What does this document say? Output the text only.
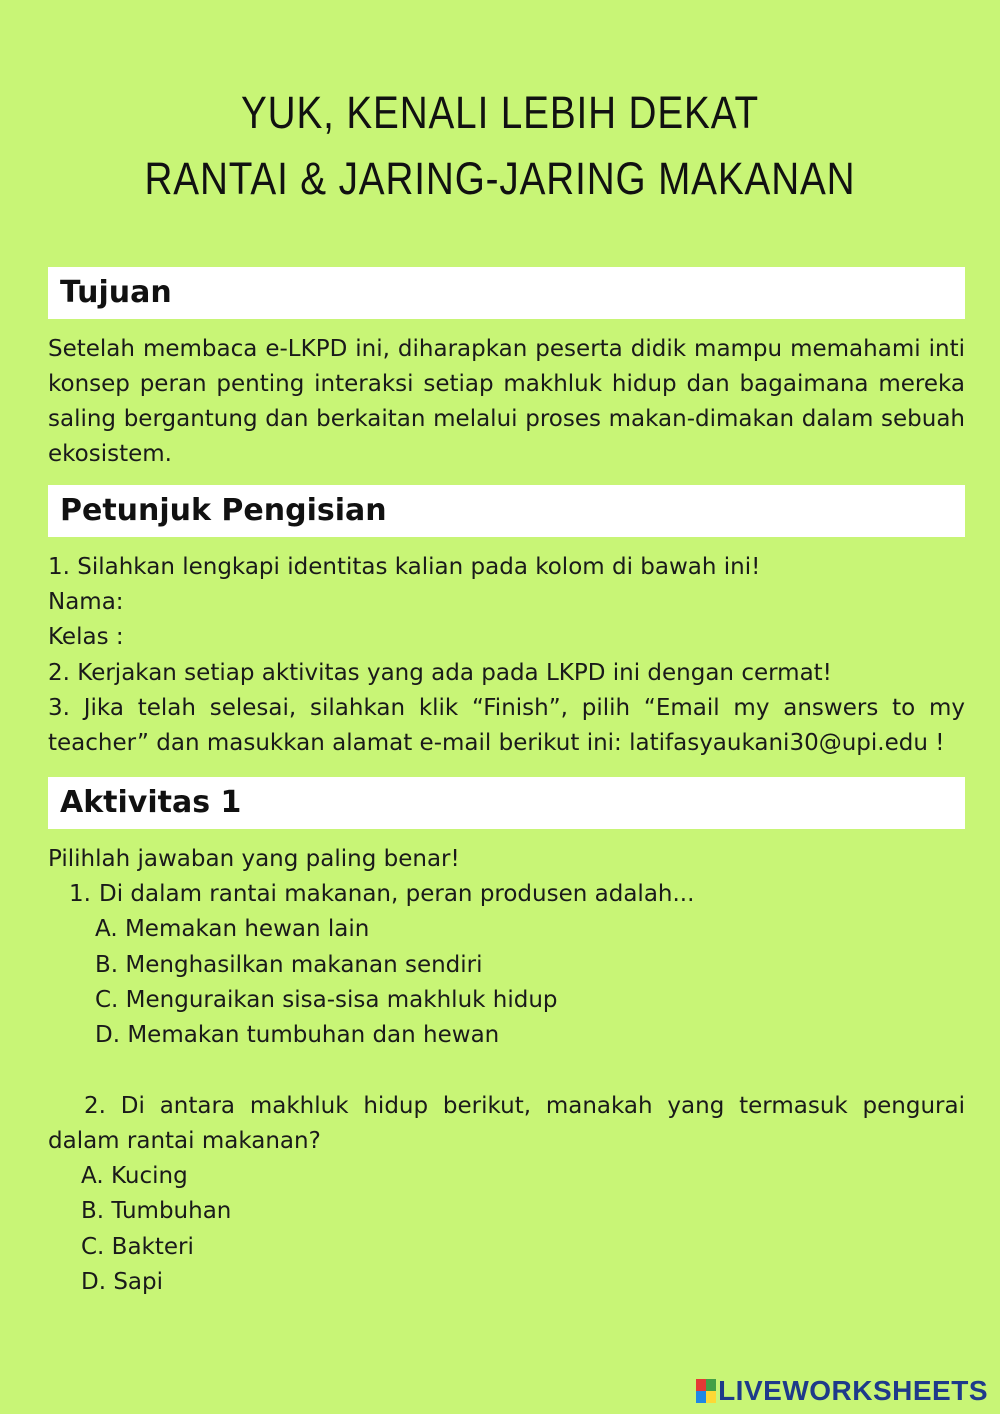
YUK, KENALI LEBIH DEKAT
RANTAI & JARING-JARING MAKANAN
Tujuan
Setelah membaca e-LKPD ini, diharapkan peserta didik mampu memahami inti konsep peran penting interaksi setiap makhluk hidup dan bagaimana mereka saling bergantung dan berkaitan melalui proses makan-dimakan dalam sebuah ekosistem.
Petunjuk Pengisian
1. Silahkan lengkapi identitas kalian pada kolom di bawah ini!
Nama:
Kelas :
2. Kerjakan setiap aktivitas yang ada pada LKPD ini dengan cermat!
3. Jika telah selesai, silahkan klik “Finish”, pilih “Email my answers to my
teacher” dan masukkan alamat e-mail berikut ini: latifasyaukani30@upi.edu !
Aktivitas 1
Pilihlah jawaban yang paling benar!
1. Di dalam rantai makanan, peran produsen adalah...
A. Memakan hewan lain
B. Menghasilkan makanan sendiri
C. Menguraikan sisa-sisa makhluk hidup
D. Memakan tumbuhan dan hewan
2. Di antara makhluk hidup berikut, manakah yang termasuk pengurai
dalam rantai makanan?
A. Kucing
B. Tumbuhan
C. Bakteri
D. Sapi
LIVEWORKSHEETS
